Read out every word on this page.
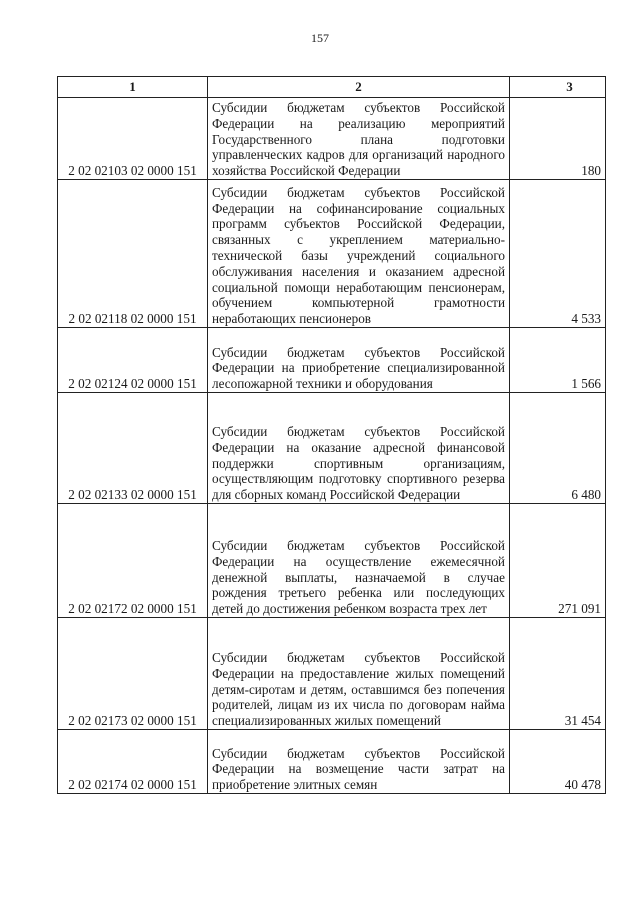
157
1	2	3
2 02 02103 02 0000 151	Субсидии бюджетам субъектов Российской Федерации на реализацию мероприятий Государственного плана подготовки управленческих кадров для организаций народного хозяйства Российской Федерации	180
2 02 02118 02 0000 151	Субсидии бюджетам субъектов Российской Федерации на софинансирование социальных программ субъектов Российской Федерации, связанных с укреплением материально-технической базы учреждений социального обслуживания населения и оказанием адресной социальной помощи неработающим пенсионерам, обучением компьютерной грамотности неработающих пенсионеров	4 533
2 02 02124 02 0000 151	Субсидии бюджетам субъектов Российской Федерации на приобретение специализированной лесопожарной техники и оборудования	1 566
2 02 02133 02 0000 151	Субсидии бюджетам субъектов Российской Федерации на оказание адресной финансовой поддержки спортивным организациям, осуществляющим подготовку спортивного резерва для сборных команд Российской Федерации	6 480
2 02 02172 02 0000 151	Субсидии бюджетам субъектов Российской Федерации на осуществление ежемесячной денежной выплаты, назначаемой в случае рождения третьего ребенка или последующих детей до достижения ребенком возраста трех лет	271 091
2 02 02173 02 0000 151	Субсидии бюджетам субъектов Российской Федерации на предоставление жилых помещений детям-сиротам и детям, оставшимся без попечения родителей, лицам из их числа по договорам найма специализированных жилых помещений	31 454
2 02 02174 02 0000 151	Субсидии бюджетам субъектов Российской Федерации на возмещение части затрат на приобретение элитных семян	40 478
